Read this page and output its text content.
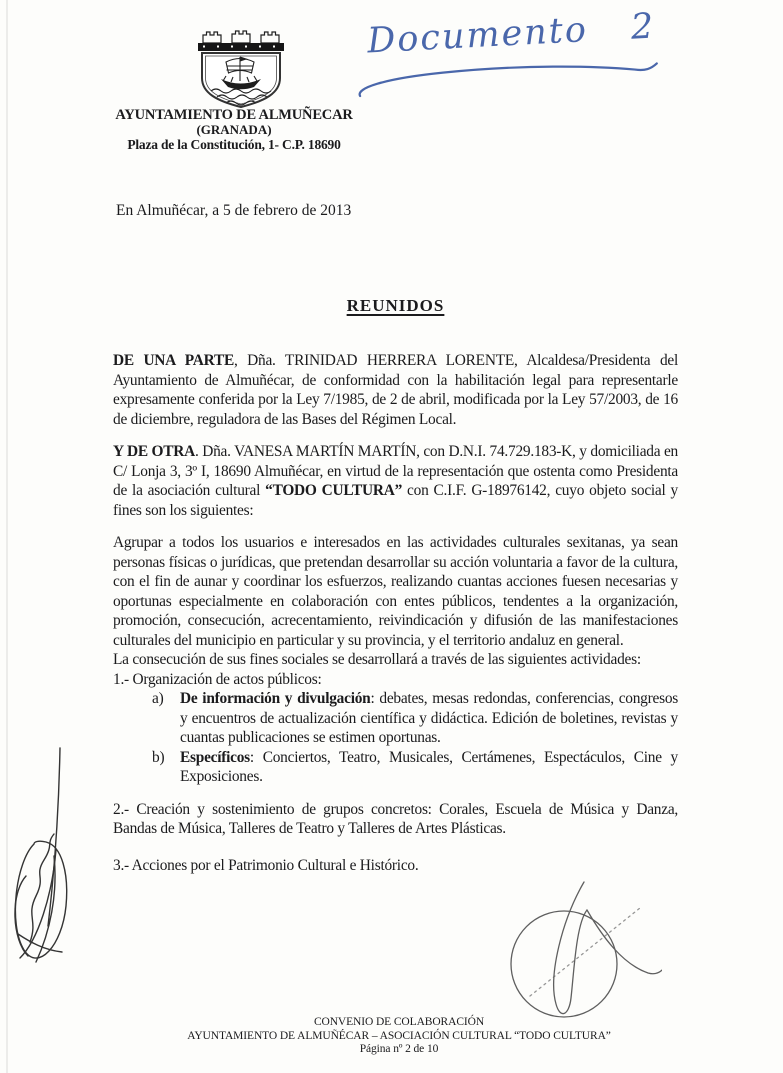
AYUNTAMIENTO DE ALMUÑECAR
(GRANADA)
Plaza de la Constitución, 1- C.P. 18690
Documento 2
En Almuñécar, a 5 de febrero de 2013
REUNIDOS

DE UNA PARTE, Dña. TRINIDAD HERRERA LORENTE, Alcaldesa/Presidenta del Ayuntamiento de Almuñécar, de conformidad con la habilitación legal para representarle expresamente conferida por la Ley 7/1985, de 2 de abril, modificada por la Ley 57/2003, de 16 de diciembre, reguladora de las Bases del Régimen Local.

Y DE OTRA. Dña. VANESA MARTÍN MARTÍN, con D.N.I. 74.729.183-K, y domiciliada en C/ Lonja 3, 3º I, 18690 Almuñécar, en virtud de la representación que ostenta como Presidenta de la asociación cultural “TODO CULTURA” con C.I.F. G-18976142, cuyo objeto social y fines son los siguientes:

Agrupar a todos los usuarios e interesados en las actividades culturales sexitanas, ya sean personas físicas o jurídicas, que pretendan desarrollar su acción voluntaria a favor de la cultura, con el fin de aunar y coordinar los esfuerzos, realizando cuantas acciones fuesen necesarias y oportunas especialmente en colaboración con entes públicos, tendentes a la organización, promoción, consecución, acrecentamiento, reivindicación y difusión de las manifestaciones culturales del municipio en particular y su provincia, y el territorio andaluz en general.

La consecución de sus fines sociales se desarrollará a través de las siguientes actividades:

1.- Organización de actos públicos:

a) De información y divulgación: debates, mesas redondas, conferencias, congresos y encuentros de actualización científica y didáctica. Edición de boletines, revistas y cuantas publicaciones se estimen oportunas.
b) Específicos: Conciertos, Teatro, Musicales, Certámenes, Espectáculos, Cine y Exposiciones.

2.- Creación y sostenimiento de grupos concretos: Corales, Escuela de Música y Danza, Bandas de Música, Talleres de Teatro y Talleres de Artes Plásticas.

3.- Acciones por el Patrimonio Cultural e Histórico.

CONVENIO DE COLABORACIÓN
AYUNTAMIENTO DE ALMUÑÉCAR – ASOCIACIÓN CULTURAL “TODO CULTURA”
Página nº 2 de 10
